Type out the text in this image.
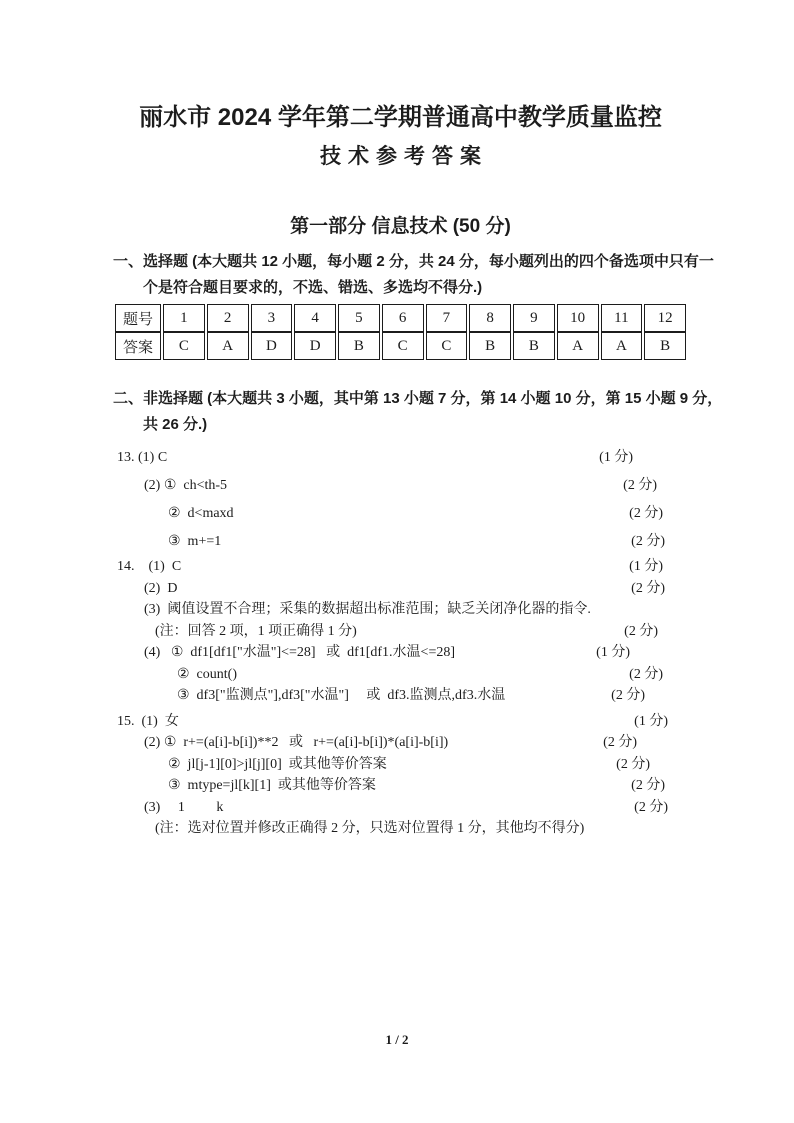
丽水市 2024 学年第二学期普通高中教学质量监控
技术参考答案
第一部分 信息技术 (50 分)
一、选择题 (本大题共 12 小题，每小题 2 分，共 24 分，每小题列出的四个备选项中只有一
个是符合题目要求的，不选、错选、多选均不得分.)
题号	1	2	3	4	5	6	7	8	9	10	11	12
答案	C	A	D	D	B	C	C	B	B	A	A	B
二、非选择题 (本大题共 3 小题，其中第 13 小题 7 分，第 14 小题 10 分，第 15 小题 9 分，
共 26 分.)
13. (1) C	(1 分)
(2) ①  ch<th-5	(2 分)
②  d<maxd	(2 分)
③  m+=1	(2 分)
14.    (1)  C	(1 分)
(2)  D	(2 分)
(3)  阈值设置不合理；采集的数据超出标准范围；缺乏关闭净化器的指令.
(注：回答 2 项，1 项正确得 1 分)	(2 分)
(4)   ①  df1[df1["水温"]<=28]   或  df1[df1.水温<=28]	(1 分)
②  count()	(2 分)
③  df3["监测点"],df3["水温"]     或  df3.监测点,df3.水温	(2 分)
15.  (1)  女	(1 分)
(2) ①  r+=(a[i]-b[i])**2   或   r+=(a[i]-b[i])*(a[i]-b[i])	(2 分)
②  jl[j-1][0]>jl[j][0]  或其他等价答案	(2 分)
③  mtype=jl[k][1]  或其他等价答案	(2 分)
(3)     1         k	(2 分)
(注：选对位置并修改正确得 2 分，只选对位置得 1 分，其他均不得分)
1 / 2
